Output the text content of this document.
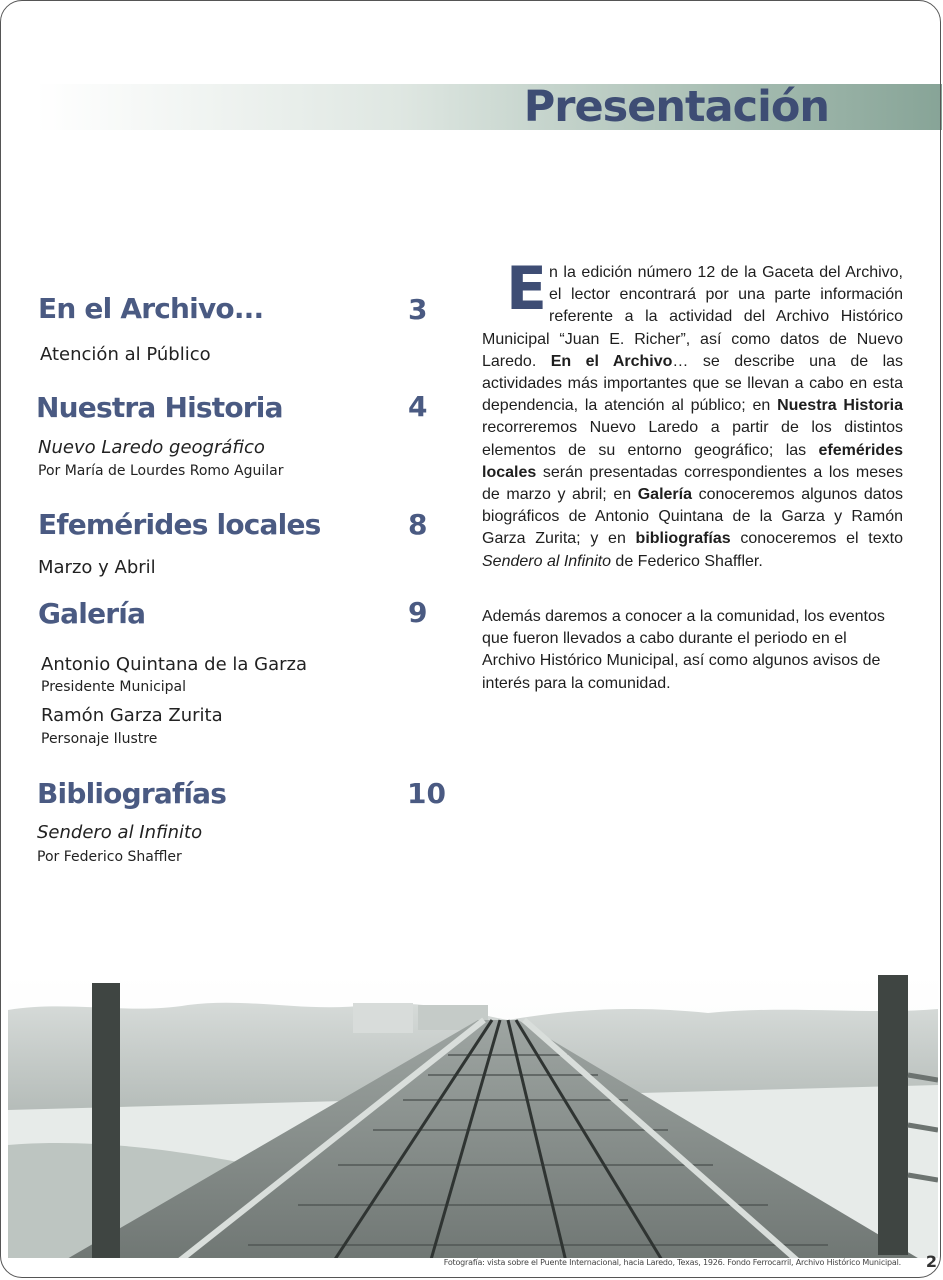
Presentación
En el Archivo...	3
Atención al Público
Nuestra Historia	4
Nuevo Laredo geográfico
Por María de Lourdes Romo Aguilar
Efemérides locales	8
Marzo y Abril
Galería	9
Antonio Quintana de la Garza
Presidente Municipal
Ramón Garza Zurita
Personaje Ilustre
Bibliografías	10
Sendero al Infinito
Por Federico Shaffler

En la edición número 12 de la Gaceta del Archivo, el lector encontrará por una parte información referente a la actividad del Archivo Histórico Municipal “Juan E. Richer”, así como datos de Nuevo Laredo. En el Archivo… se describe una de las actividades más importantes que se llevan a cabo en esta dependencia, la atención al público; en Nuestra Historia recorreremos Nuevo Laredo a partir de los distintos elementos de su entorno geográfico; las efemérides locales serán presentadas correspondientes a los meses de marzo y abril; en Galería conoceremos algunos datos biográficos de Antonio Quintana de la Garza y Ramón Garza Zurita; y en bibliografías conoceremos el texto Sendero al Infinito de Federico Shaffler.

Además daremos a conocer a la comunidad, los eventos
que fueron llevados a cabo durante el periodo en el
Archivo Histórico Municipal, así como algunos avisos de
interés para la comunidad.

Fotografía: vista sobre el Puente Internacional, hacia Laredo, Texas, 1926. Fondo Ferrocarril, Archivo Histórico Municipal. 2
